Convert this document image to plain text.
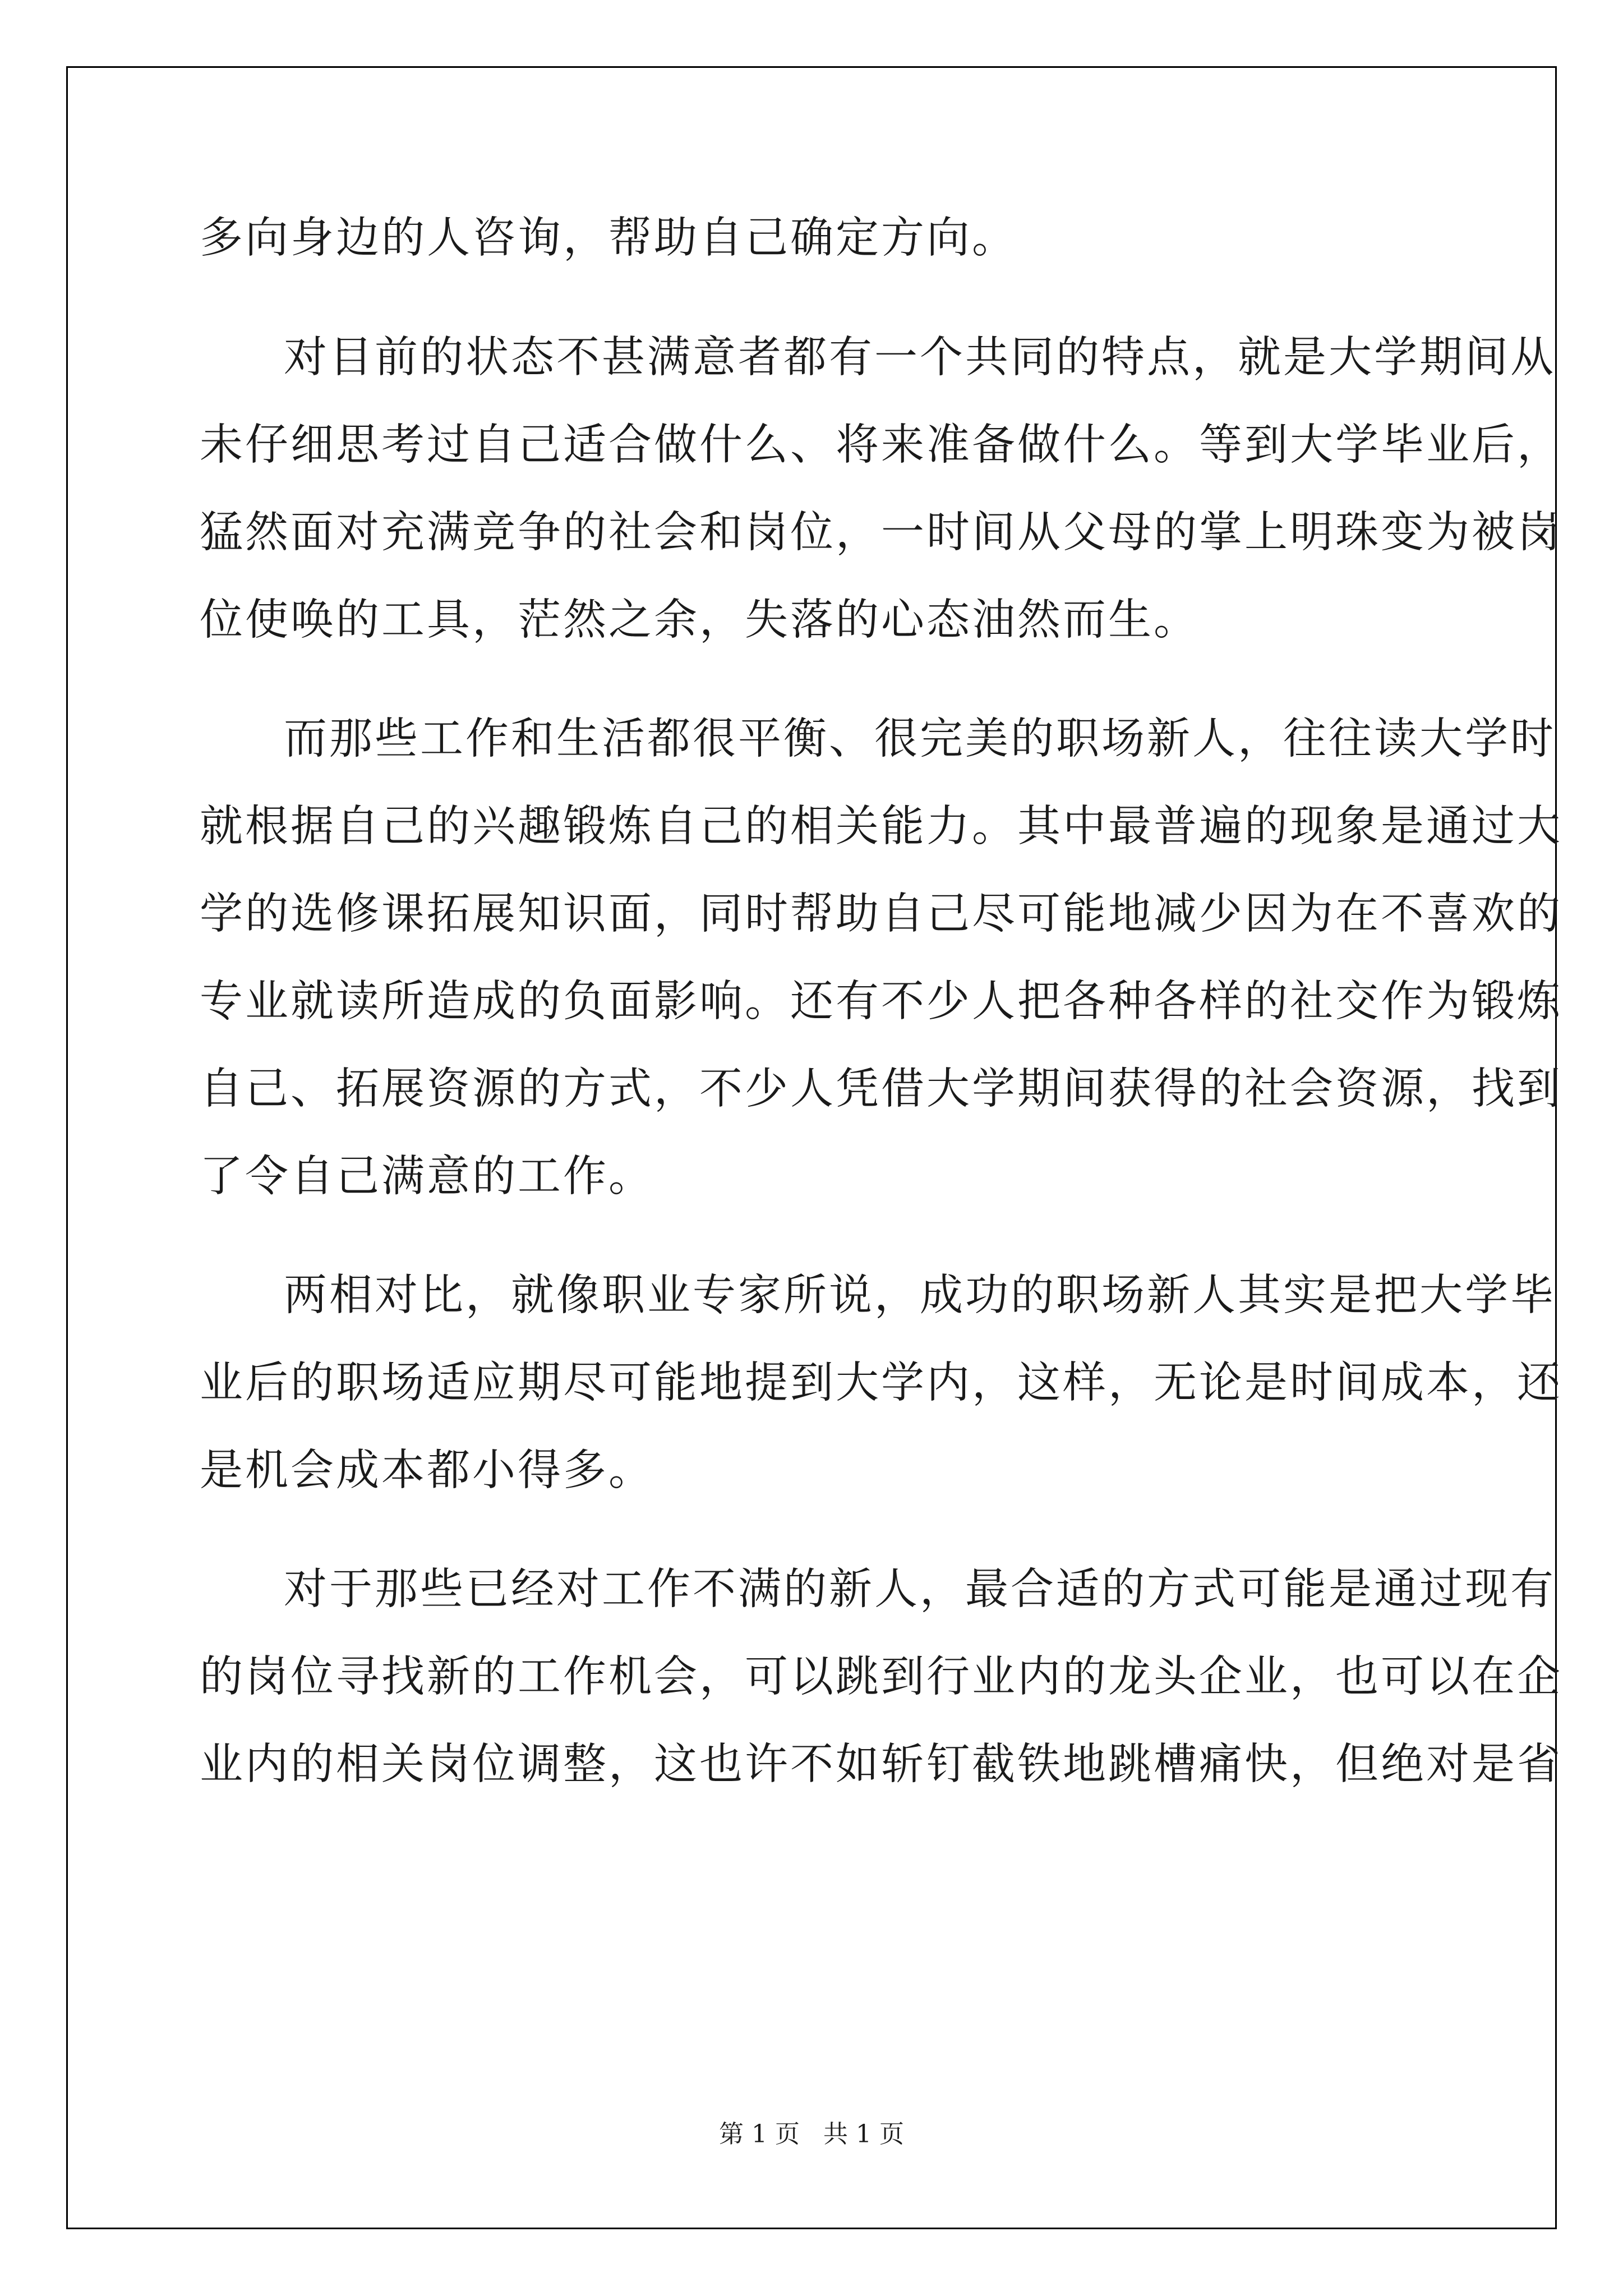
多向身边的人咨询，帮助自己确定方向。

对目前的状态不甚满意者都有一个共同的特点，就是大学期间从

未仔细思考过自己适合做什么、将来准备做什么。等到大学毕业后，

猛然面对充满竞争的社会和岗位，一时间从父母的掌上明珠变为被岗

位使唤的工具，茫然之余，失落的心态油然而生。

而那些工作和生活都很平衡、很完美的职场新人，往往读大学时

就根据自己的兴趣锻炼自己的相关能力。其中最普遍的现象是通过大

学的选修课拓展知识面，同时帮助自己尽可能地减少因为在不喜欢的

专业就读所造成的负面影响。还有不少人把各种各样的社交作为锻炼

自己、拓展资源的方式，不少人凭借大学期间获得的社会资源，找到

了令自己满意的工作。

两相对比，就像职业专家所说，成功的职场新人其实是把大学毕

业后的职场适应期尽可能地提到大学内，这样，无论是时间成本，还

是机会成本都小得多。

对于那些已经对工作不满的新人，最合适的方式可能是通过现有

的岗位寻找新的工作机会，可以跳到行业内的龙头企业，也可以在企

业内的相关岗位调整，这也许不如斩钉截铁地跳槽痛快，但绝对是省

第 1 页   共 1 页
